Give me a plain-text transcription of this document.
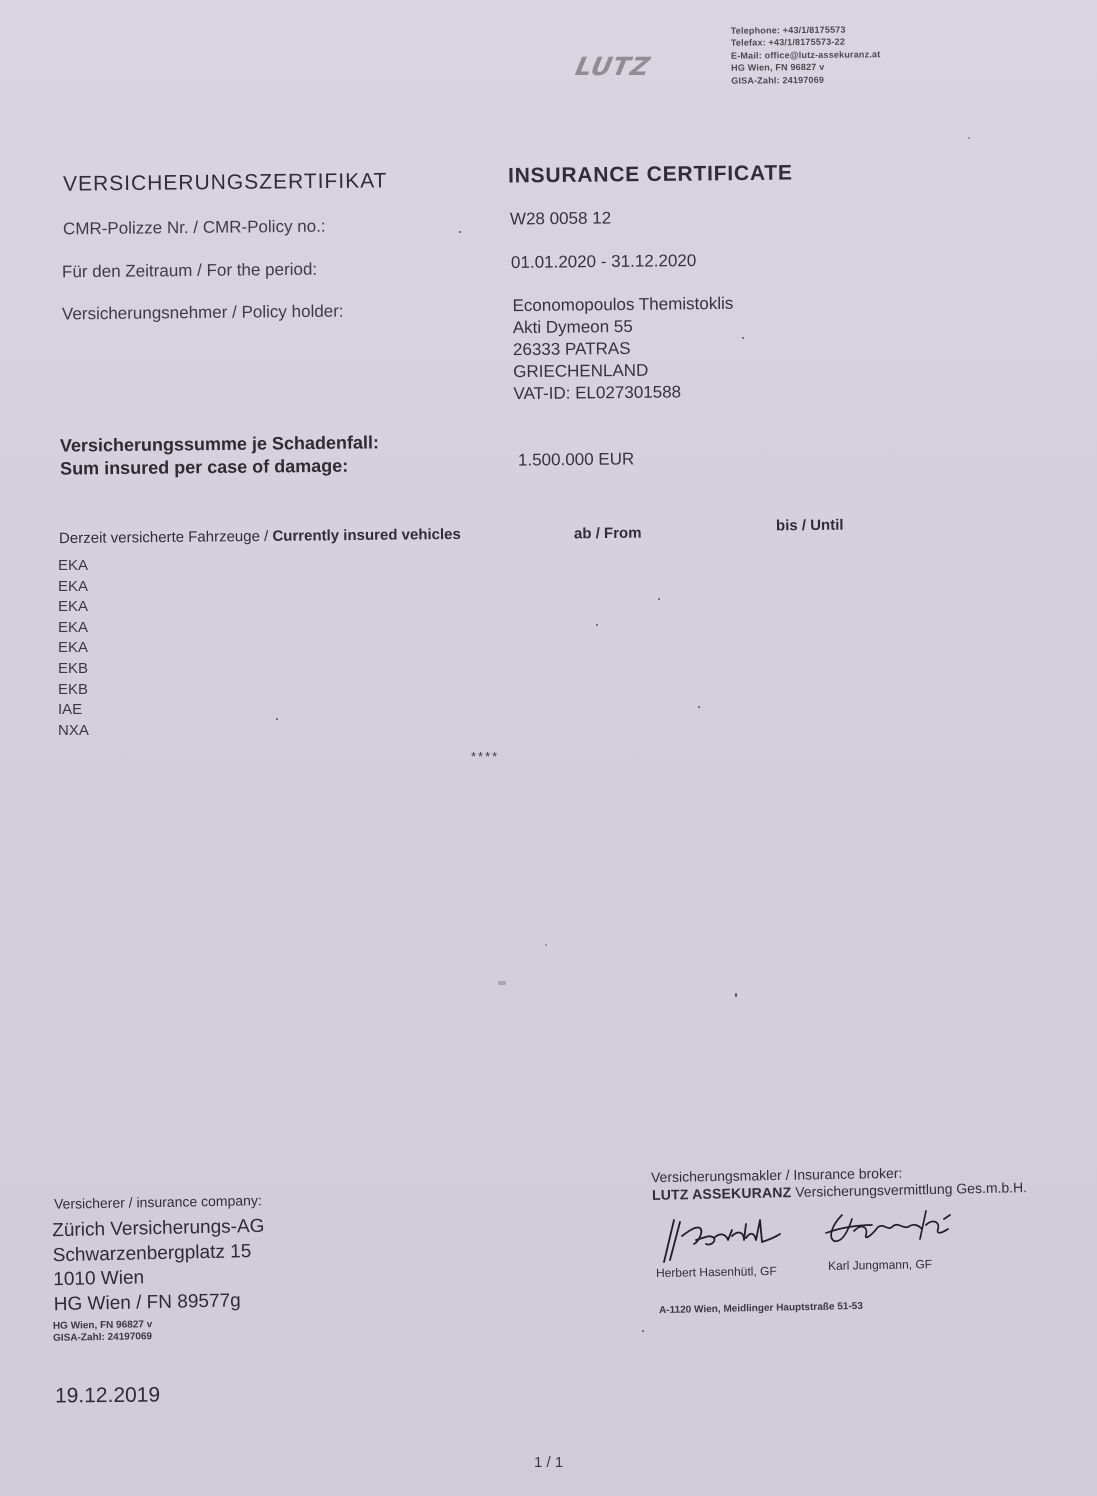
Telephone: +43/1/8175573
Telefax: +43/1/8175573-22
E-Mail: office@lutz-assekuranz.at
HG Wien, FN 96827 v
GISA-Zahl: 24197069
LUTZ
VERSICHERUNGSZERTIFIKAT	INSURANCE CERTIFICATE
CMR-Polizze Nr. / CMR-Policy no.:	W28 0058 12
Für den Zeitraum / For the period:	01.01.2020 - 31.12.2020
Versicherungsnehmer / Policy holder:	Economopoulos Themistoklis
Akti Dymeon 55
26333 PATRAS
GRIECHENLAND
VAT-ID: EL027301588
Versicherungssumme je Schadenfall:
Sum insured per case of damage:	1.500.000 EUR
Derzeit versicherte Fahrzeuge / Currently insured vehicles	ab / From	bis / Until
EKA
EKA
EKA
EKA
EKA
EKB
EKB
IAE
NXA
****
Versicherer / insurance company:
Zürich Versicherungs-AG
Schwarzenbergplatz 15
1010 Wien
HG Wien / FN 89577g
HG Wien, FN 96827 v
GISA-Zahl: 24197069
Versicherungsmakler / Insurance broker:
LUTZ ASSEKURANZ Versicherungsvermittlung Ges.m.b.H.
Herbert Hasenhütl, GF	Karl Jungmann, GF
A-1120 Wien, Meidlinger Hauptstraße 51-53
19.12.2019
1 / 1
